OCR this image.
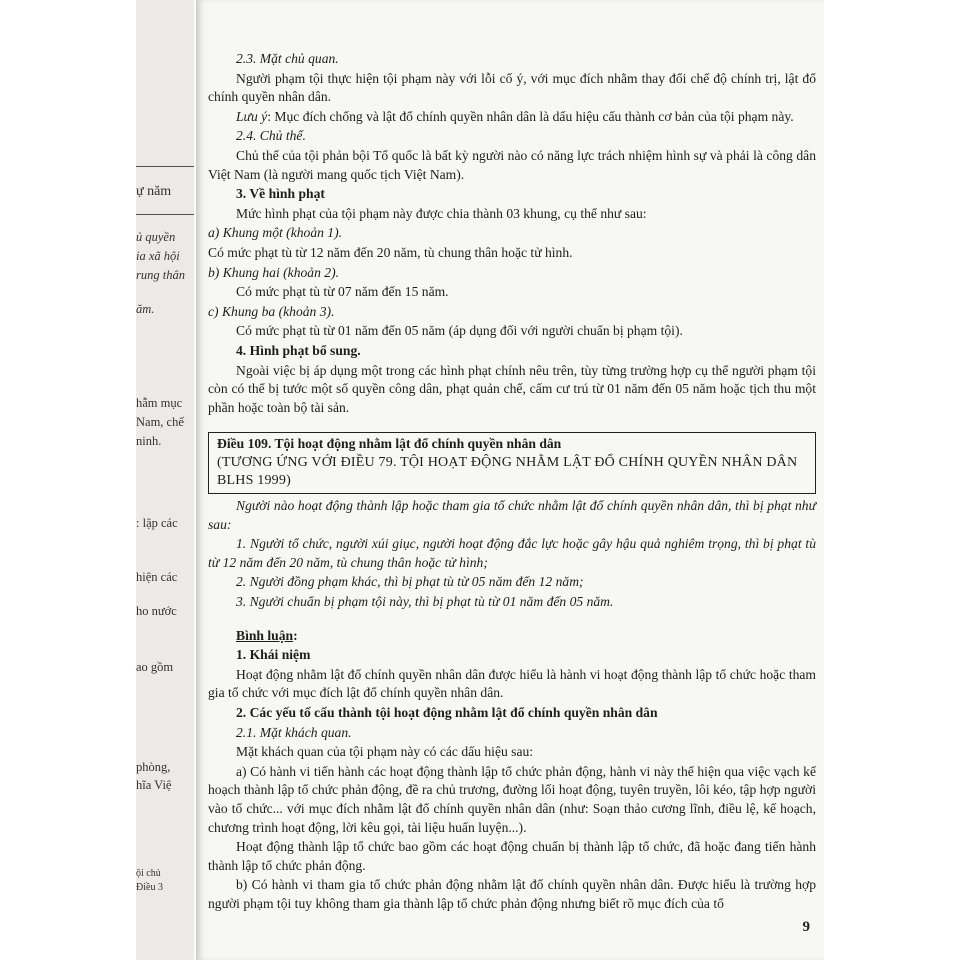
ự năm
ủ quyền
ia xã hội
rung thân
ăm.
hẫm mục
Nam, chế
ninh.
: lập các
hiện các
ho nước
ao gồm
phòng,
hĩa Việ
ội chủ
Điều 3

2.3. Mặt chủ quan.

Người phạm tội thực hiện tội phạm này với lỗi cố ý, với mục đích nhằm thay đổi chế độ chính trị, lật đổ chính quyền nhân dân.

Lưu ý: Mục đích chống và lật đổ chính quyền nhân dân là dấu hiệu cấu thành cơ bản của tội phạm này.

2.4. Chủ thể.

Chủ thể của tội phản bội Tổ quốc là bất kỳ người nào có năng lực trách nhiệm hình sự và phải là công dân Việt Nam (là người mang quốc tịch Việt Nam).

3. Về hình phạt

Mức hình phạt của tội phạm này được chia thành 03 khung, cụ thể như sau:

a) Khung một (khoản 1).

Có mức phạt tù từ 12 năm đến 20 năm, tù chung thân hoặc tử hình.

b) Khung hai (khoản 2).

Có mức phạt tù từ 07 năm đến 15 năm.

c) Khung ba (khoản 3).

Có mức phạt tù từ 01 năm đến 05 năm (áp dụng đối với người chuẩn bị phạm tội).

4. Hình phạt bổ sung.

Ngoài việc bị áp dụng một trong các hình phạt chính nêu trên, tùy từng trường hợp cụ thể người phạm tội còn có thể bị tước một số quyền công dân, phạt quản chế, cấm cư trú từ 01 năm đến 05 năm hoặc tịch thu một phần hoặc toàn bộ tài sản.

Điều 109. Tội hoạt động nhằm lật đổ chính quyền nhân dân
(TƯƠNG ỨNG VỚI ĐIỀU 79. TỘI HOẠT ĐỘNG NHẰM LẬT ĐỔ CHÍNH QUYỀN NHÂN DÂN BLHS 1999)

Người nào hoạt động thành lập hoặc tham gia tổ chức nhằm lật đổ chính quyền nhân dân, thì bị phạt như sau:

1. Người tổ chức, người xúi giục, người hoạt động đắc lực hoặc gây hậu quả nghiêm trọng, thì bị phạt tù từ 12 năm đến 20 năm, tù chung thân hoặc tử hình;

2. Người đồng phạm khác, thì bị phạt tù từ 05 năm đến 12 năm;

3. Người chuẩn bị phạm tội này, thì bị phạt tù từ 01 năm đến 05 năm.

Bình luận:

1. Khái niệm

Hoạt động nhằm lật đổ chính quyền nhân dân được hiểu là hành vi hoạt động thành lập tổ chức hoặc tham gia tổ chức với mục đích lật đổ chính quyền nhân dân.

2. Các yếu tố cấu thành tội hoạt động nhằm lật đổ chính quyền nhân dân

2.1. Mặt khách quan.

Mặt khách quan của tội phạm này có các dấu hiệu sau:

a) Có hành vi tiến hành các hoạt động thành lập tổ chức phản động, hành vi này thể hiện qua việc vạch kế hoạch thành lập tổ chức phản động, đề ra chủ trương, đường lối hoạt động, tuyên truyền, lôi kéo, tập hợp người vào tổ chức... với mục đích nhằm lật đổ chính quyền nhân dân (như: Soạn thảo cương lĩnh, điều lệ, kế hoạch, chương trình hoạt động, lời kêu gọi, tài liệu huấn luyện...).

Hoạt động thành lập tổ chức bao gồm các hoạt động chuẩn bị thành lập tổ chức, đã hoặc đang tiến hành thành lập tổ chức phản động.

b) Có hành vi tham gia tổ chức phản động nhằm lật đổ chính quyền nhân dân. Được hiểu là trường hợp người phạm tội tuy không tham gia thành lập tổ chức phản động nhưng biết rõ mục đích của tổ

9
